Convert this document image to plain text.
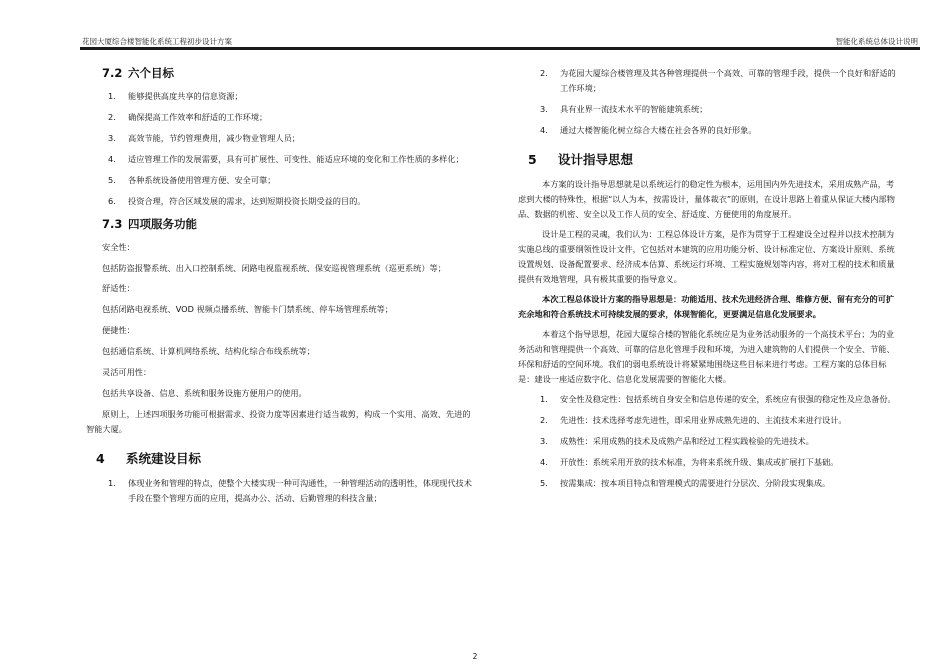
花园大厦综合楼智能化系统工程初步设计方案	智能化系统总体设计说明
7.2 六个目标
1. 能够提供高度共享的信息资源；
2. 确保提高工作效率和舒适的工作环境；
3. 高效节能，节约管理费用，减少物业管理人员；
4. 适应管理工作的发展需要，具有可扩展性、可变性、能适应环境的变化和工作性质的多样化；
5. 各种系统设备使用管理方便、安全可靠；
6. 投资合理，符合区域发展的需求，达到短期投资长期受益的目的。
7.3 四项服务功能

安全性：

包括防盗报警系统、出入口控制系统、闭路电视监视系统、保安巡视管理系统（巡更系统）等；

舒适性：

包括闭路电视系统、VOD 视频点播系统、智能卡门禁系统、停车场管理系统等；

便捷性：

包括通信系统、计算机网络系统、结构化综合布线系统等；

灵活可用性：

包括共享设备、信息、系统和服务设施方便用户的使用。

原则上，上述四项服务功能可根据需求、投资力度等因素进行适当裁剪，构成一个实用、高效、先进的智能大厦。

4 系统建设目标
1. 体现业务和管理的特点，使整个大楼实现一种可沟通性，一种管理活动的透明性，体现现代技术手段在整个管理方面的应用，提高办公、活动、后勤管理的科技含量；
2. 为花园大厦综合楼管理及其各种管理提供一个高效、可靠的管理手段，提供一个良好和舒适的工作环境；
3. 具有业界一流技术水平的智能建筑系统；
4. 通过大楼智能化树立综合大楼在社会各界的良好形象。
5 设计指导思想

本方案的设计指导思想就是以系统运行的稳定性为根本，运用国内外先进技术，采用成熟产品，考虑到大楼的特殊性，根据“以人为本，按需设计，量体裁衣”的原则，在设计思路上着重从保证大楼内部物品、数据的机密、安全以及工作人员的安全、舒适度、方便使用的角度展开。

设计是工程的灵魂，我们认为：工程总体设计方案，是作为贯穿于工程建设全过程并以技术控制为实施总线的重要纲领性设计文件，它包括对本建筑的应用功能分析、设计标准定位、方案设计原则、系统设置规划、设备配置要求、经济成本估算、系统运行环境、工程实施规划等内容，将对工程的技术和质量提供有效地管理，具有极其重要的指导意义。

本次工程总体设计方案的指导思想是：功能适用、技术先进经济合理、维修方便、留有充分的可扩充余地和符合系统技术可持续发展的要求，体现智能化，更要满足信息化发展要求。

本着这个指导思想，花园大厦综合楼的智能化系统应是为业务活动服务的一个高技术平台；为的业务活动和管理提供一个高效、可靠的信息化管理手段和环境，为进入建筑物的人们提供一个安全、节能、环保和舒适的空间环境。我们的弱电系统设计将紧紧地围绕这些目标来进行考虑。工程方案的总体目标是：建设一座适应数字化、信息化发展需要的智能化大楼。

1. 安全性及稳定性：包括系统自身安全和信息传递的安全，系统应有很强的稳定性及应急备份。
2. 先进性：技术选择考虑先进性，即采用业界成熟先进的、主流技术来进行设计。
3. 成熟性：采用成熟的技术及成熟产品和经过工程实践检验的先进技术。
4. 开放性：系统采用开放的技术标准，为将来系统升级、集成或扩展打下基础。
5. 按需集成：按本项目特点和管理模式的需要进行分层次、分阶段实现集成。
2
